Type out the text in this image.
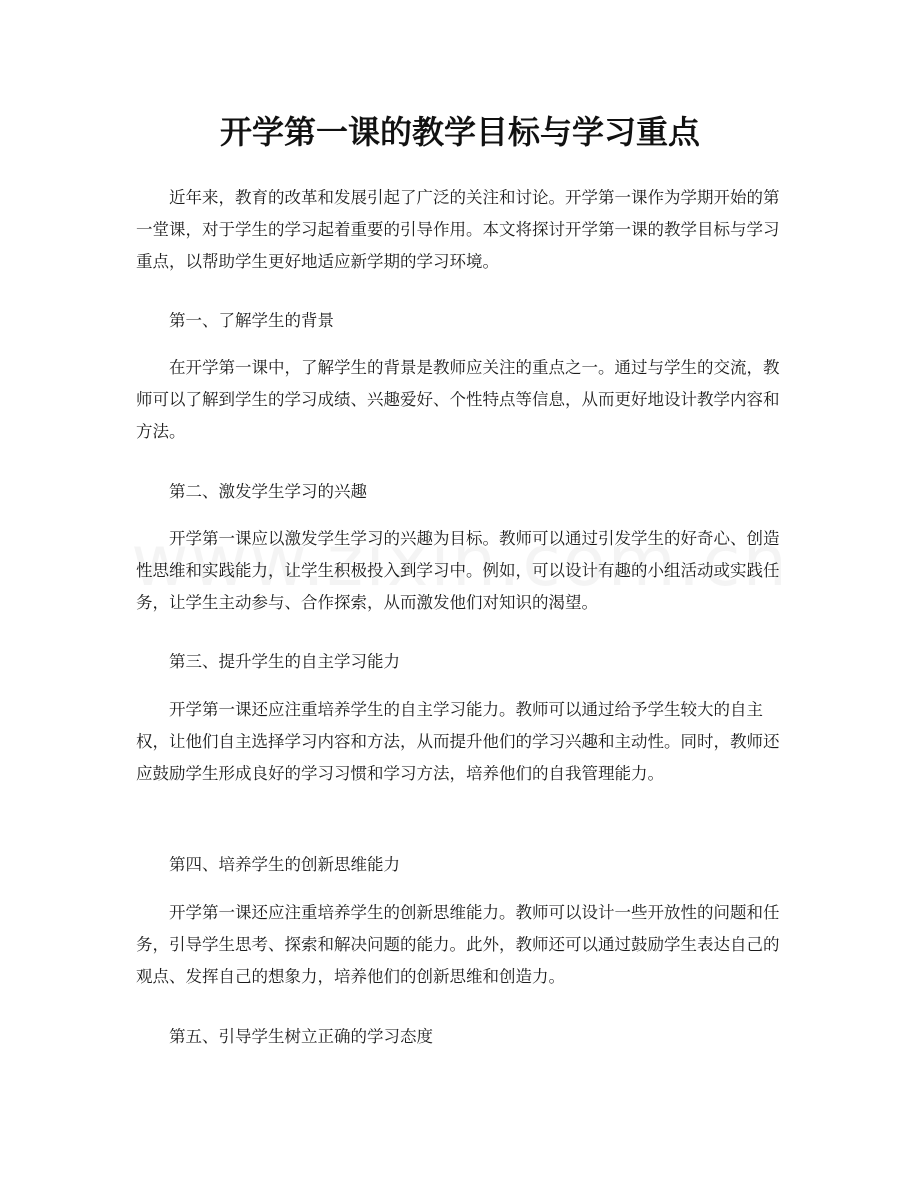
开学第一课的教学目标与学习重点

近年来，教育的改革和发展引起了广泛的关注和讨论。开学第一课作为学期开始的第一堂课，对于学生的学习起着重要的引导作用。本文将探讨开学第一课的教学目标与学习重点，以帮助学生更好地适应新学期的学习环境。

第一、了解学生的背景

在开学第一课中，了解学生的背景是教师应关注的重点之一。通过与学生的交流，教师可以了解到学生的学习成绩、兴趣爱好、个性特点等信息，从而更好地设计教学内容和方法。

第二、激发学生学习的兴趣

开学第一课应以激发学生学习的兴趣为目标。教师可以通过引发学生的好奇心、创造性思维和实践能力，让学生积极投入到学习中。例如，可以设计有趣的小组活动或实践任务，让学生主动参与、合作探索，从而激发他们对知识的渴望。

第三、提升学生的自主学习能力

开学第一课还应注重培养学生的自主学习能力。教师可以通过给予学生较大的自主权，让他们自主选择学习内容和方法，从而提升他们的学习兴趣和主动性。同时，教师还应鼓励学生形成良好的学习习惯和学习方法，培养他们的自我管理能力。

第四、培养学生的创新思维能力

开学第一课还应注重培养学生的创新思维能力。教师可以设计一些开放性的问题和任务，引导学生思考、探索和解决问题的能力。此外，教师还可以通过鼓励学生表达自己的观点、发挥自己的想象力，培养他们的创新思维和创造力。

第五、引导学生树立正确的学习态度
